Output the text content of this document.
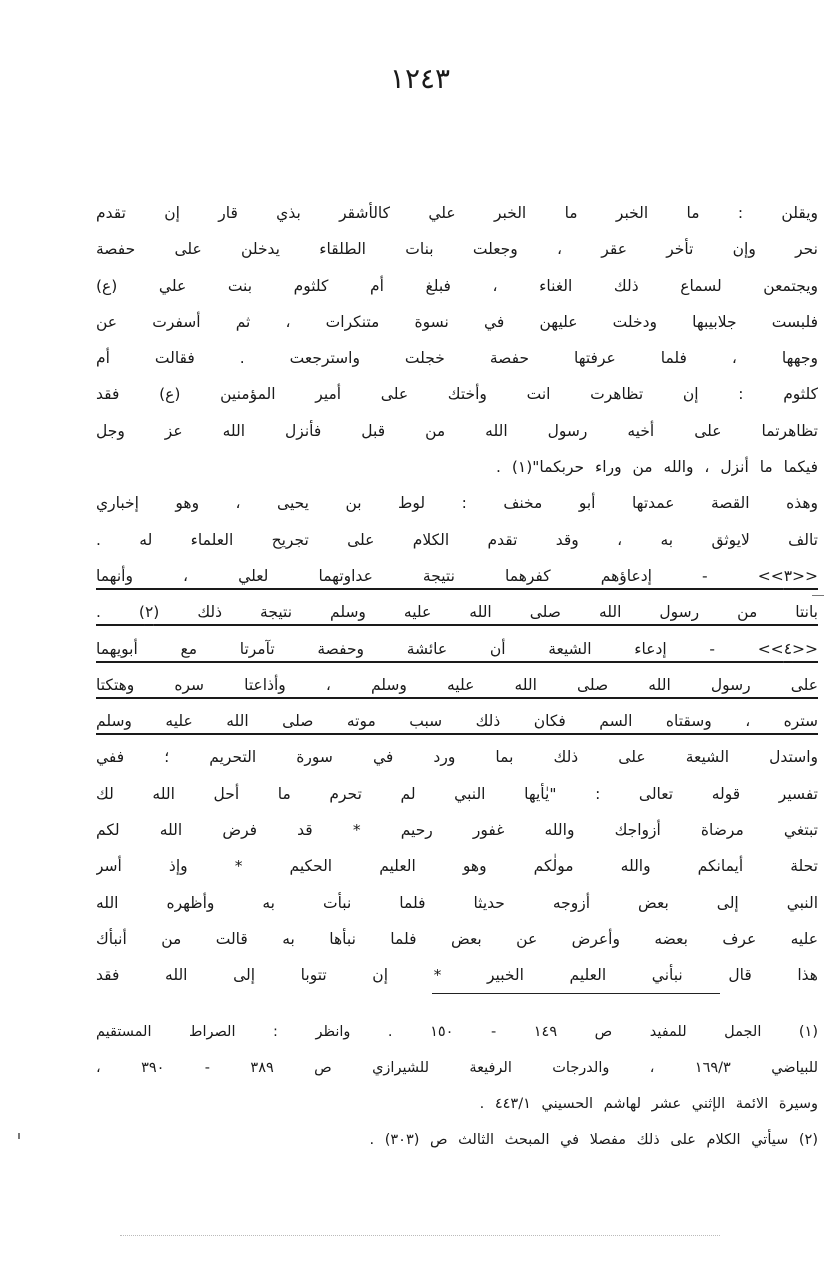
١٢٤٣
ويقلن : ما الخبر ما الخبر علي كالأشقر بذي قار إن تقدم
نحر وإن تأخر عقر ، وجعلت بنات الطلقاء يدخلن على حفصة
ويجتمعن لسماع ذلك الغناء ، فبلغ أم كلثوم بنت علي (ع)
فلبست جلابيبها ودخلت عليهن في نسوة متنكرات ، ثم أسفرت عن
وجهها ، فلما عرفتها حفصة خجلت واسترجعت . فقالت أم
كلثوم : إن تظاهرت انت وأختك على أمير المؤمنين (ع) فقد
تظاهرتما على أخيه رسول الله من قبل فأنزل الله عز وجل
فيكما ما أنزل ، والله من وراء حربكما"(١) .
وهذه القصة عمدتها أبو مخنف : لوط بن يحيى ، وهو إخباري
تالف لايوثق به ، وقد تقدم الكلام على تجريح العلماء له .
<<٣>> - إدعاؤهم كفرهما نتيجة عداوتهما لعلي ، وأنهما
بانتا من رسول الله صلى الله عليه وسلم نتيجة ذلك (٢) .
<<٤>> - إدعاء الشيعة أن عائشة وحفصة تآمرتا مع أبويهما
على رسول الله صلى الله عليه وسلم ، وأذاعتا سره وهتكتا
ستره ، وسقتاه السم فكان ذلك سبب موته صلى الله عليه وسلم
واستدل الشيعة على ذلك بما ورد في سورة التحريم ؛ ففي
تفسير قوله تعالى : "يٰأيها النبي لم تحرم ما أحل الله لك
تبتغي مرضاة أزواجك والله غفور رحيم * قد فرض الله لكم
تحلة أيمانكم والله مولٰكم وهو العليم الحكيم * وإذ أسر
النبي إلى بعض أزوجه حديثا فلما نبأت به وأظهره الله
عليه عرف بعضه وأعرض عن بعض فلما نبأها به قالت من أنبأك
هذا قال نبأني العليم الخبير * إن تتوبا إلى الله فقد
(١) الجمل للمفيد ص ١٤٩ - ١٥٠ . وانظر : الصراط المستقيم
للبياضي ١٦٩/٣ ، والدرجات الرفيعة للشيرازي ص ٣٨٩ - ٣٩٠ ،
وسيرة الائمة الإثني عشر لهاشم الحسيني ٤٤٣/١ .
(٢) سيأتي الكلام على ذلك مفصلا في المبحث الثالث ص (٣٠٣) .
